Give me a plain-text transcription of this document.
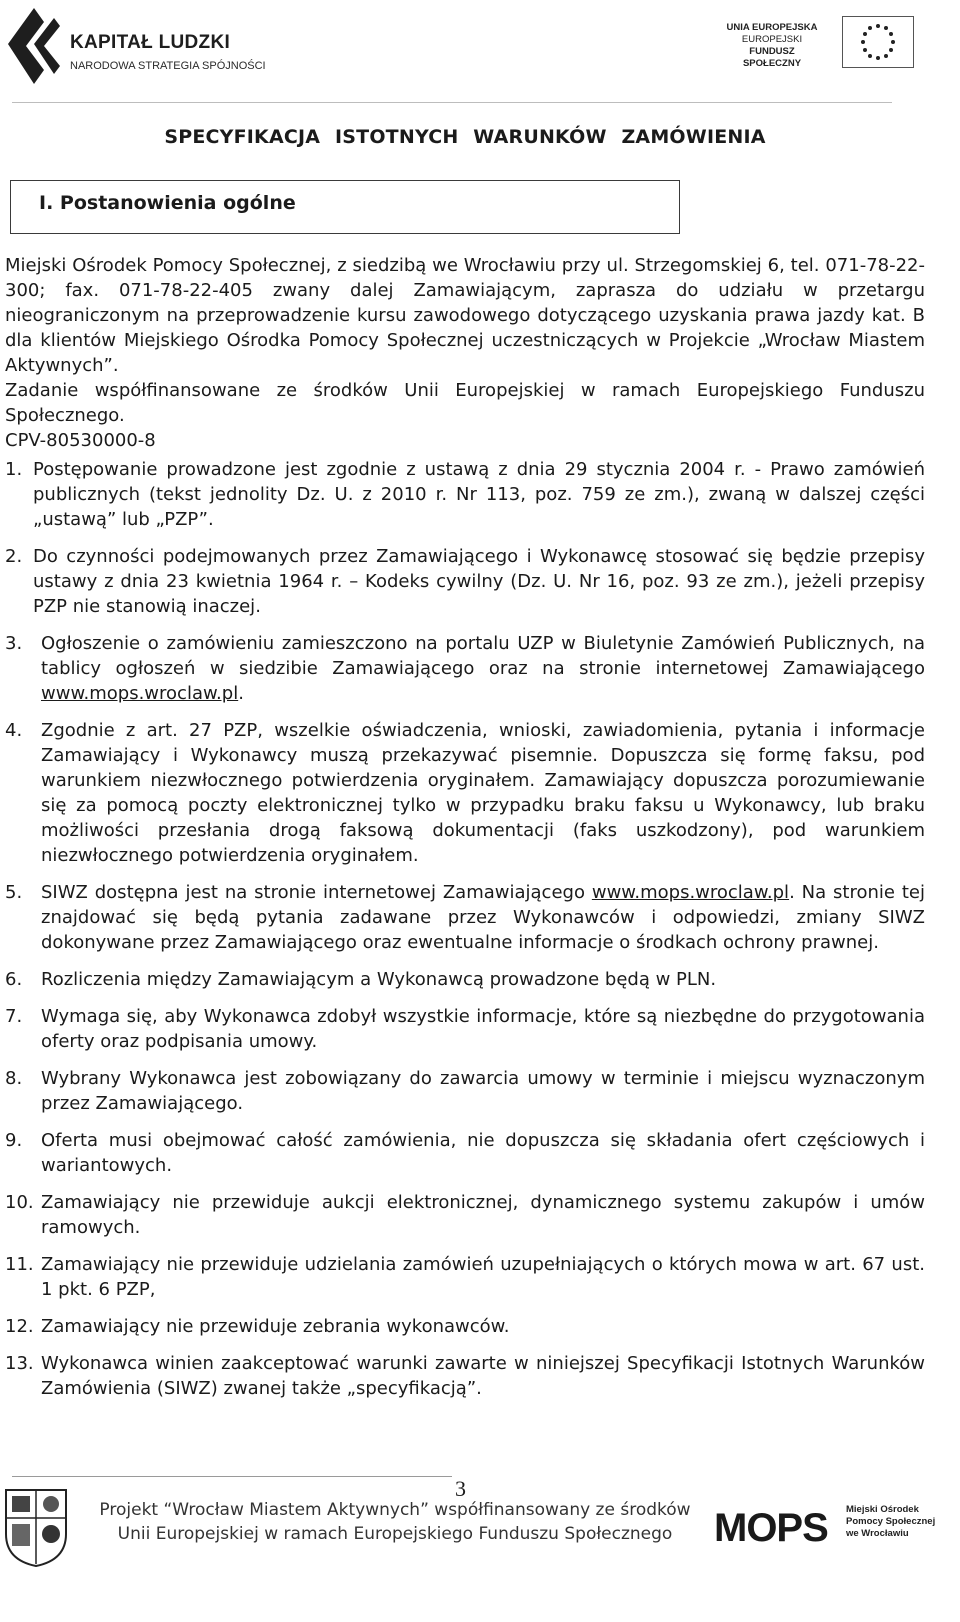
KAPITAŁ LUDZKI
NARODOWA STRATEGIA SPÓJNOŚCI
UNIA EUROPEJSKA
EUROPEJSKI
FUNDUSZ SPOŁECZNY
SPECYFIKACJA ISTOTNYCH WARUNKÓW ZAMÓWIENIA
I. Postanowienia ogólne

Miejski Ośrodek Pomocy Społecznej, z siedzibą we Wrocławiu przy ul. Strzegomskiej 6, tel. 071-78-22-300; fax. 071-78-22-405 zwany dalej Zamawiającym, zaprasza do udziału w przetargu nieograniczonym na przeprowadzenie kursu zawodowego dotyczącego uzyskania prawa jazdy kat. B dla klientów Miejskiego Ośrodka Pomocy Społecznej uczestniczących w Projekcie „Wrocław Miastem Aktywnych”.

Zadanie współfinansowane ze środków Unii Europejskiej w ramach Europejskiego Funduszu Społecznego.

CPV-80530000-8

1. Postępowanie prowadzone jest zgodnie z ustawą z dnia 29 stycznia 2004 r. - Prawo zamówień publicznych (tekst jednolity Dz. U. z 2010 r. Nr 113, poz. 759 ze zm.), zwaną w dalszej części „ustawą” lub „PZP”.
2. Do czynności podejmowanych przez Zamawiającego i Wykonawcę stosować się będzie przepisy ustawy z dnia 23 kwietnia 1964 r. – Kodeks cywilny (Dz. U. Nr 16, poz. 93 ze zm.), jeżeli przepisy PZP nie stanowią inaczej.
3.	Ogłoszenie o zamówieniu zamieszczono na portalu UZP w Biuletynie Zamówień Publicznych, na tablicy ogłoszeń w siedzibie Zamawiającego oraz na stronie internetowej Zamawiającego www.mops.wroclaw.pl.
4.	Zgodnie z art. 27 PZP, wszelkie oświadczenia, wnioski, zawiadomienia, pytania i informacje Zamawiający i Wykonawcy muszą przekazywać pisemnie. Dopuszcza się formę faksu, pod warunkiem niezwłocznego potwierdzenia oryginałem. Zamawiający dopuszcza porozumiewanie się za pomocą poczty elektronicznej tylko w przypadku braku faksu u Wykonawcy, lub braku możliwości przesłania drogą faksową dokumentacji (faks uszkodzony), pod warunkiem niezwłocznego potwierdzenia oryginałem.
5.	SIWZ dostępna jest na stronie internetowej Zamawiającego www.mops.wroclaw.pl. Na stronie tej znajdować się będą pytania zadawane przez Wykonawców i odpowiedzi, zmiany SIWZ dokonywane przez Zamawiającego oraz ewentualne informacje o środkach ochrony prawnej.
6.	Rozliczenia między Zamawiającym a Wykonawcą prowadzone będą w PLN.
7.	Wymaga się, aby Wykonawca zdobył wszystkie informacje, które są niezbędne do przygotowania oferty oraz podpisania umowy.
8.	Wybrany Wykonawca jest zobowiązany do zawarcia umowy w terminie i miejscu wyznaczonym przez Zamawiającego.
9.	Oferta musi obejmować całość zamówienia, nie dopuszcza się składania ofert częściowych i wariantowych.
10. Zamawiający nie przewiduje aukcji elektronicznej, dynamicznego systemu zakupów i umów ramowych.
11. Zamawiający nie przewiduje udzielania zamówień uzupełniających o których mowa w art. 67 ust. 1 pkt. 6 PZP,
12. Zamawiający nie przewiduje zebrania wykonawców.
13. Wykonawca winien zaakceptować warunki zawarte w niniejszej Specyfikacji Istotnych Warunków Zamówienia (SIWZ) zwanej także „specyfikacją”.
3
Projekt “Wrocław Miastem Aktywnych” współfinansowany ze środków
Unii Europejskiej w ramach Europejskiego Funduszu Społecznego	MOPS Miejski Ośrodek
Pomocy Społecznej
we Wrocławiu
